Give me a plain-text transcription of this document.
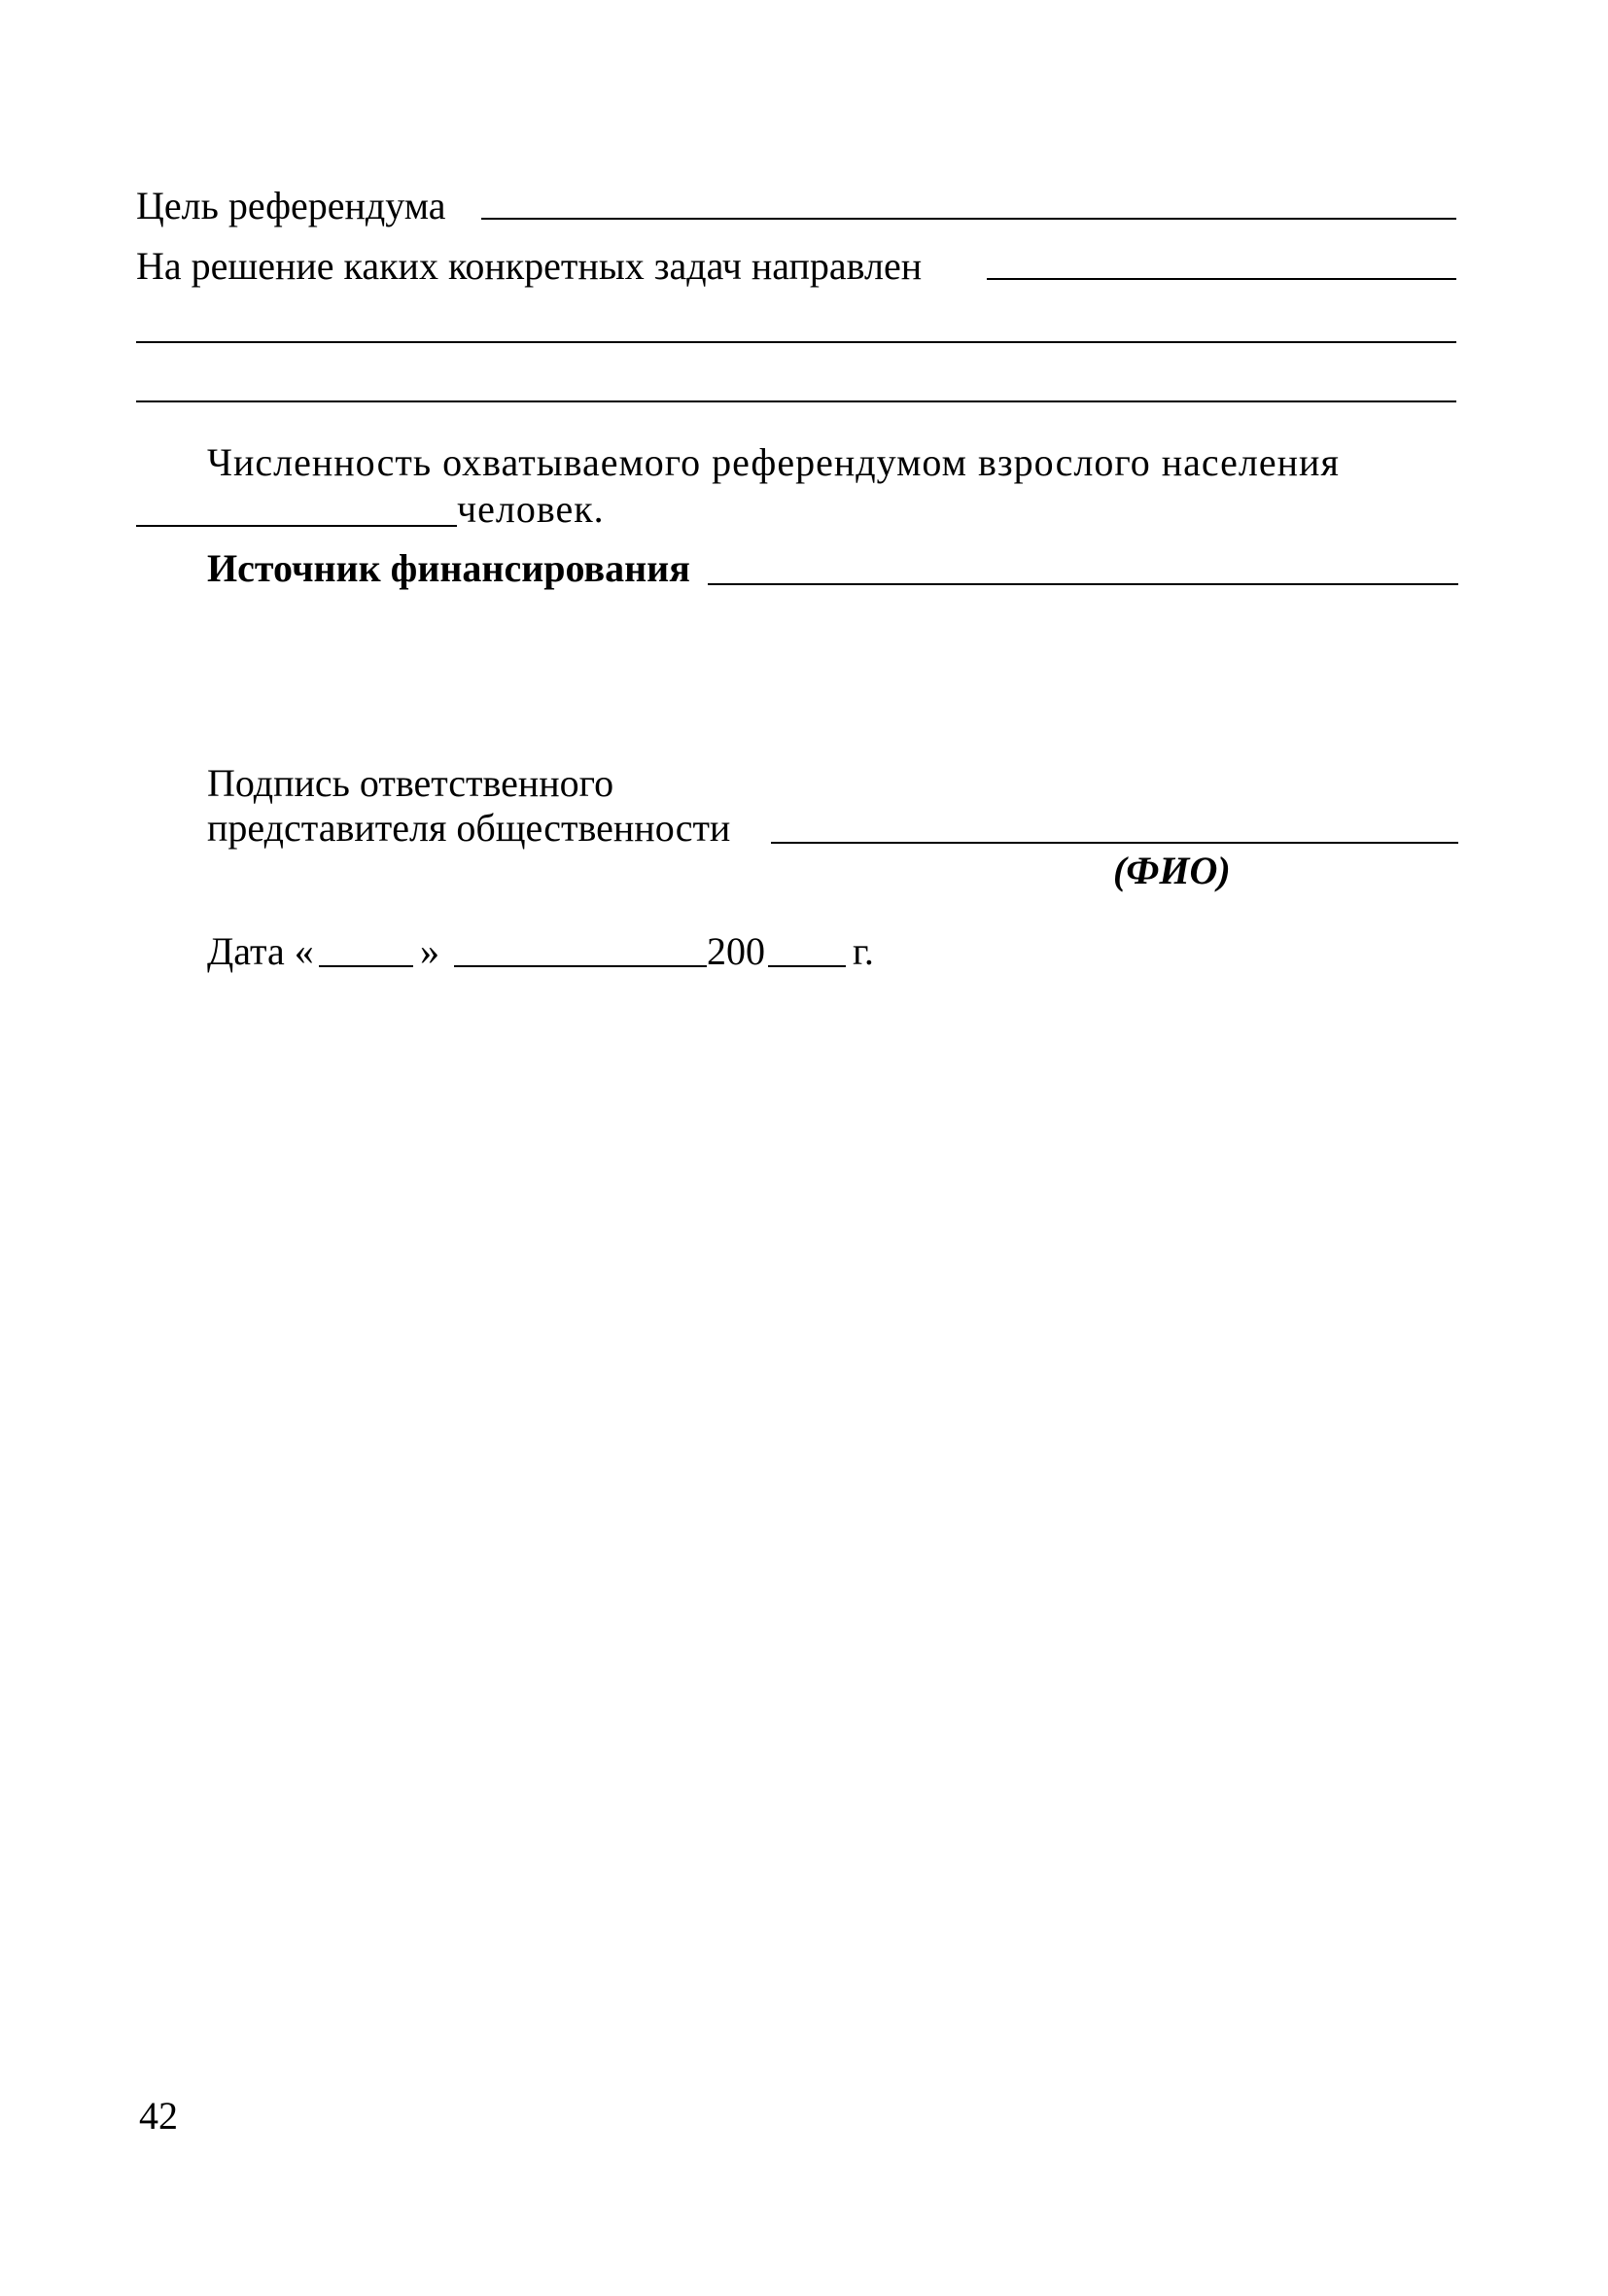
Цель референдума
На решение каких конкретных задач направлен
Численность охватываемого референдумом взрослого населения
человек.
Источник финансирования
Подпись ответственного
представителя общественности
(ФИО)
Дата «	»	200 г.
42
